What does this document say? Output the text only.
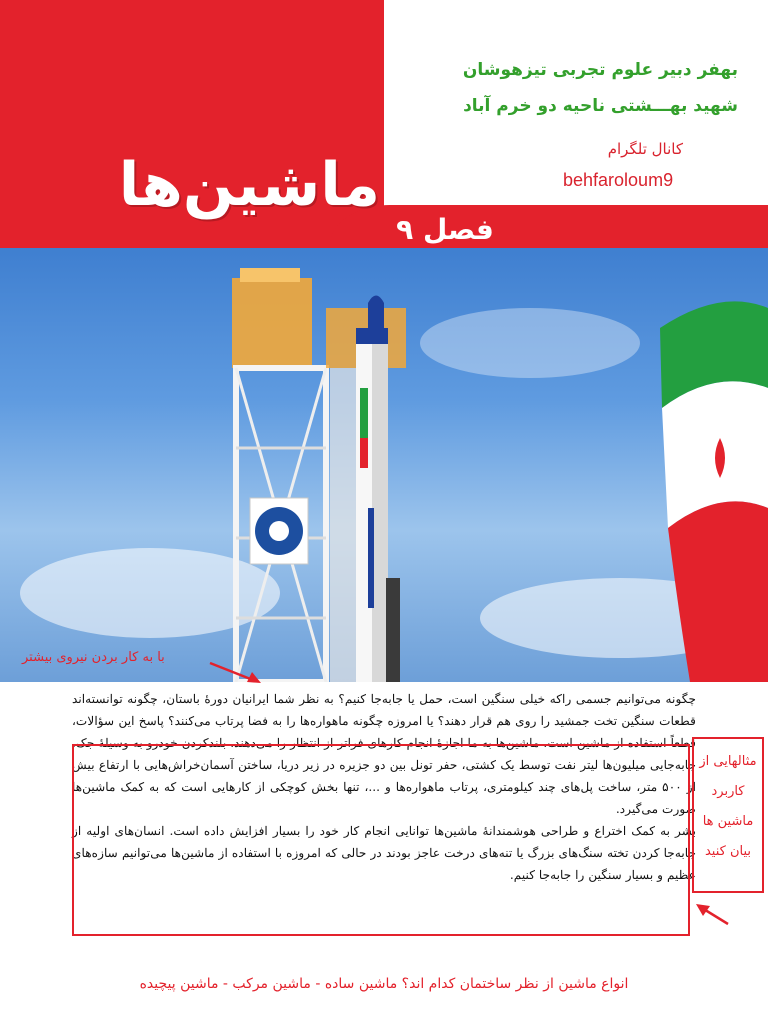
ماشین‌ها
فصل ۹
بهفر دبیر علوم تجربی تیزهوشان
شهید بهـــشتی ناحیه دو خرم آباد
کانال تلگرام
behfaroloum9
با به کار بردن نیروی بیشتر

چگونه می‌توانیم جسمی راکه خیلی سنگین است، حمل یا جابه‌جا کنیم؟ به نظر شما ایرانیان دورهٔ باستان، چگونه توانسته‌اند قطعات سنگین تخت جمشید را روی هم قرار دهند؟ یا امروزه چگونه ماهواره‌ها را به فضا پرتاب می‌کنند؟ پاسخ این سؤالات، قطعاً استفاده از ماشین است. ماشین‌ها به ما اجازهٔ انجام کارهای فراتر از انتظار را می‌دهند. بلندکردن خودرو به وسیلهٔ جک، جابه‌جایی میلیون‌ها لیتر نفت توسط یک کشتی، حفر تونل بین دو جزیره در زیر دریا، ساختن آسمان‌خراش‌هایی با ارتفاع بیش از ۵۰۰ متر، ساخت پل‌های چند کیلومتری، پرتاب ماهواره‌ها و ...، تنها بخش کوچکی از کارهایی است که به کمک ماشین‌ها صورت می‌گیرد.

بشر به کمک اختراع و طراحی هوشمندانهٔ ماشین‌ها توانایی انجام کار خود را بسیار افزایش داده است. انسان‌های اولیه از جابه‌جا کردن تخته سنگ‌های بزرگ یا تنه‌های درخت عاجز بودند در حالی که امروزه با استفاده از ماشین‌ها می‌توانیم سازه‌های عظیم و بسیار سنگین را جابه‌جا کنیم.

مثالهایی از
کاربرد
ماشین ها
بیان کنید
انواع ماشین از نظر ساختمان کدام اند؟ ماشین ساده - ماشین مرکب - ماشین پیچیده
